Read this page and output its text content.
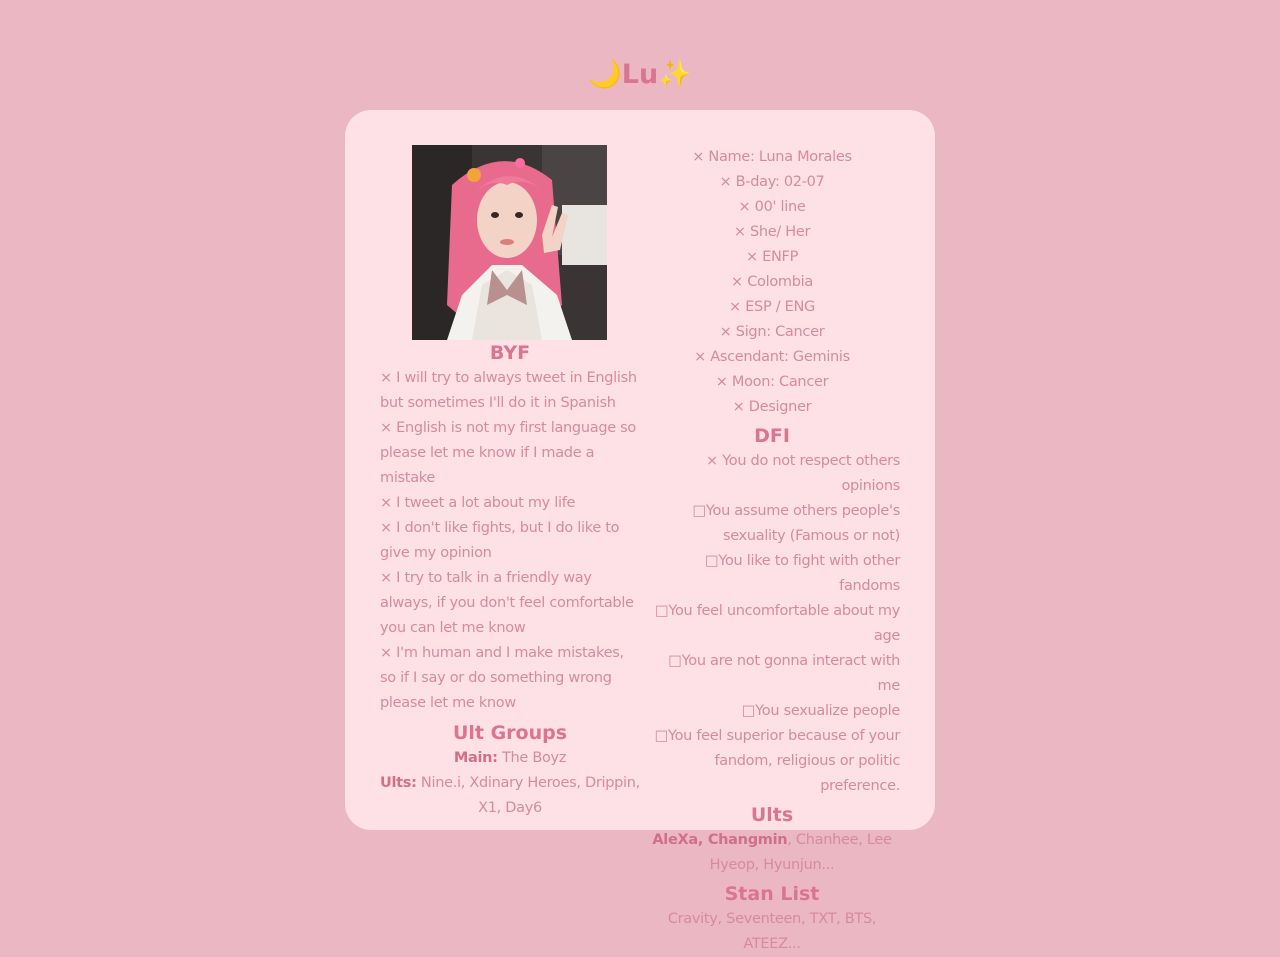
🌙Lu✨
BYF

× I will try to always tweet in English but sometimes I'll do it in Spanish

× English is not my first language so please let me know if I made a mistake

× I tweet a lot about my life

× I don't like fights, but I do like to give my opinion

× I try to talk in a friendly way always, if you don't feel comfortable you can let me know

× I'm human and I make mistakes, so if I say or do something wrong please let me know

Ult Groups

Main: The Boyz

Ults: Nine.i, Xdinary Heroes, Drippin, X1, Day6

× Name: Luna Morales

× B-day: 02-07

× 00' line

× She/ Her

× ENFP

× Colombia

× ESP / ENG

× Sign: Cancer

× Ascendant: Geminis

× Moon: Cancer

× Designer

DFI

× You do not respect others opinions

□You assume others people's sexuality (Famous or not)

□You like to fight with other fandoms

□You feel uncomfortable about my age

□You are not gonna interact with me

□You sexualize people

□You feel superior because of your fandom, religious or politic preference.

Ults

AleXa, Changmin, Chanhee, Lee Hyeop, Hyunjun...

Stan List

Cravity, Seventeen, TXT, BTS, ATEEZ...
